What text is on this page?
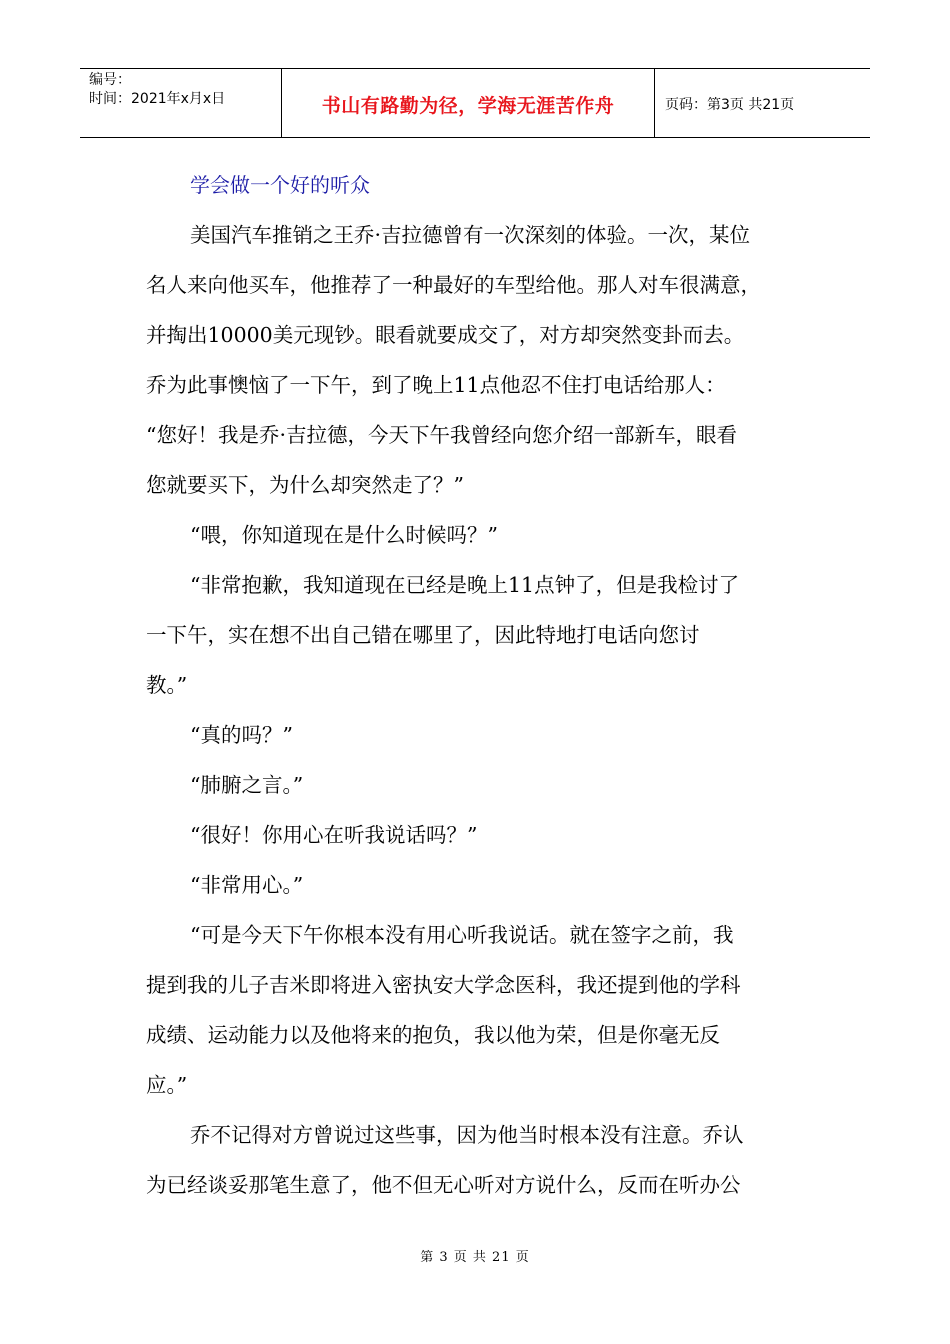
编号：
时间：2021年x月x日	书山有路勤为径，学海无涯苦作舟	页码：第3页 共21页
学会做一个好的听众
美国汽车推销之王乔·吉拉德曾有一次深刻的体验。一次，某位
名人来向他买车，他推荐了一种最好的车型给他。那人对车很满意，
并掏出10000美元现钞。眼看就要成交了，对方却突然变卦而去。
乔为此事懊恼了一下午，到了晚上11点他忍不住打电话给那人：
“您好！我是乔·吉拉德，今天下午我曾经向您介绍一部新车，眼看
您就要买下，为什么却突然走了？”
“喂，你知道现在是什么时候吗？”
“非常抱歉，我知道现在已经是晚上11点钟了，但是我检讨了
一下午，实在想不出自己错在哪里了，因此特地打电话向您讨
教。”
“真的吗？”
“肺腑之言。”
“很好！你用心在听我说话吗？”
“非常用心。”
“可是今天下午你根本没有用心听我说话。就在签字之前，我
提到我的儿子吉米即将进入密执安大学念医科，我还提到他的学科
成绩、运动能力以及他将来的抱负，我以他为荣，但是你毫无反
应。”
乔不记得对方曾说过这些事，因为他当时根本没有注意。乔认
为已经谈妥那笔生意了，他不但无心听对方说什么，反而在听办公
第 3 页 共 21 页
